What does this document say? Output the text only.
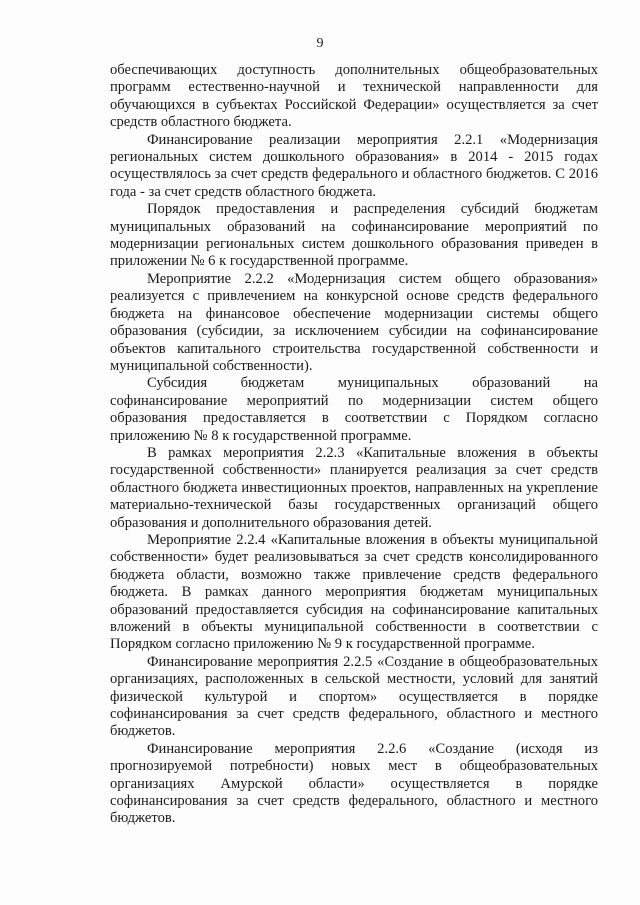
9

обеспечивающих доступность дополнительных общеобразовательных программ естественно-научной и технической направленности для обучающихся в субъектах Российской Федерации» осуществляется за счет средств областного бюджета.

Финансирование реализации мероприятия 2.2.1 «Модернизация региональных систем дошкольного образования» в 2014 - 2015 годах осуществлялось за счет средств федерального и областного бюджетов. С 2016 года - за счет средств областного бюджета.

Порядок предоставления и распределения субсидий бюджетам муниципальных образований на софинансирование мероприятий по модернизации региональных систем дошкольного образования приведен в приложении № 6 к государственной программе.

Мероприятие 2.2.2 «Модернизация систем общего образования» реализуется с привлечением на конкурсной основе средств федерального бюджета на финансовое обеспечение модернизации системы общего образования (субсидии, за исключением субсидии на софинансирование объектов капитального строительства государственной собственности и муниципальной собственности).

Субсидия бюджетам муниципальных образований на софинансирование мероприятий по модернизации систем общего образования предоставляется в соответствии с Порядком согласно приложению № 8 к государственной программе.

В рамках мероприятия 2.2.3 «Капитальные вложения в объекты государственной собственности» планируется реализация за счет средств областного бюджета инвестиционных проектов, направленных на укрепление материально-технической базы государственных организаций общего образования и дополнительного образования детей.

Мероприятие 2.2.4 «Капитальные вложения в объекты муниципальной собственности» будет реализовываться за счет средств консолидированного бюджета области, возможно также привлечение средств федерального бюджета. В рамках данного мероприятия бюджетам муниципальных образований предоставляется субсидия на софинансирование капитальных вложений в объекты муниципальной собственности в соответствии с Порядком согласно приложению № 9 к государственной программе.

Финансирование мероприятия 2.2.5 «Создание в общеобразовательных организациях, расположенных в сельской местности, условий для занятий физической культурой и спортом» осуществляется в порядке софинансирования за счет средств федерального, областного и местного бюджетов.

Финансирование мероприятия 2.2.6 «Создание (исходя из прогнозируемой потребности) новых мест в общеобразовательных организациях Амурской области» осуществляется в порядке софинансирования за счет средств федерального, областного и местного бюджетов.
